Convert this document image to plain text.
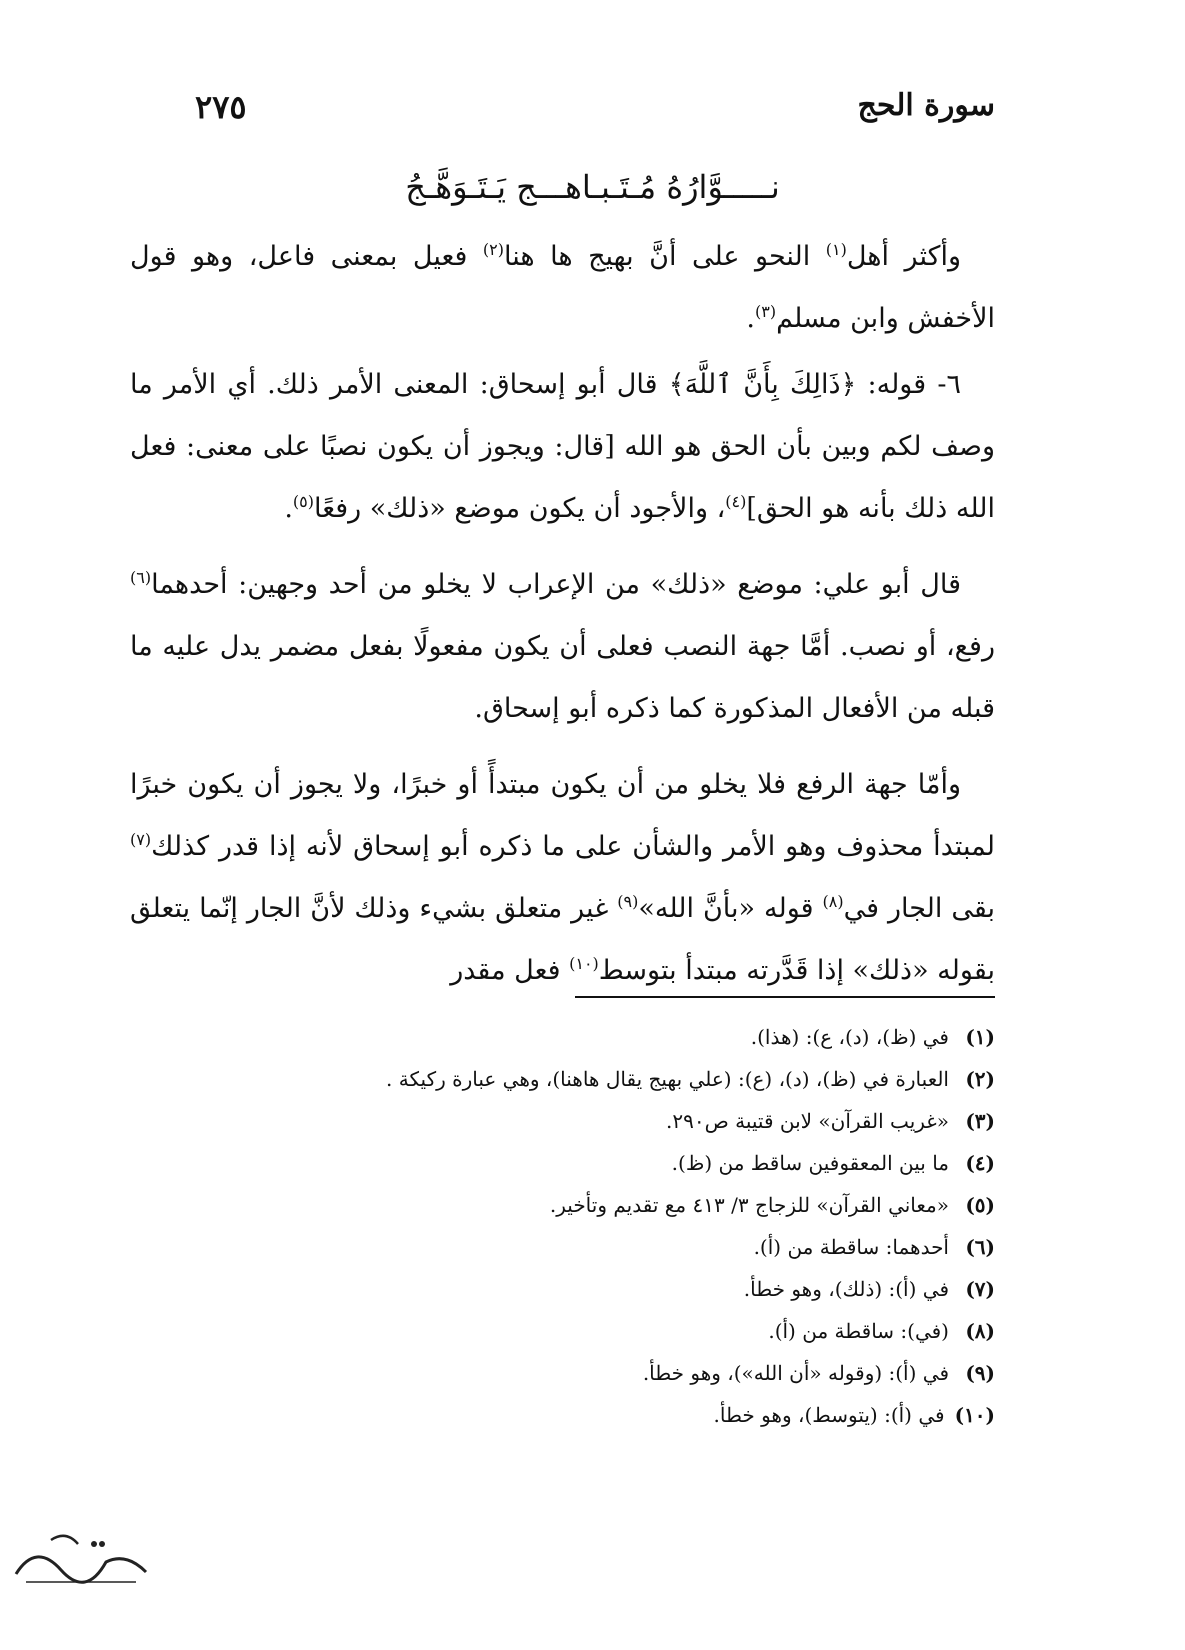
سورة الحج
٢٧٥
نـــــوَّارُهُ مُـتَـبـاهـــج يَـتَـوَهَّـجُ

وأكثر أهل$^{(١)}$ النحو على أنَّ بهيج ها هنا$^{(٢)}$ فعيل بمعنى فاعل، وهو قول الأخفش وابن مسلم$^{(٣)}$.

٦- قوله: ﴿ذَالِكَ بِأَنَّ ٱللَّهَ﴾ قال أبو إسحاق: المعنى الأمر ذلك. أي الأمر ما وصف لكم وبين بأن الحق هو الله [قال: ويجوز أن يكون نصبًا على معنى: فعل الله ذلك بأنه هو الحق]$^{(٤)}$، والأجود أن يكون موضع «ذلك» رفعًا$^{(٥)}$.

قال أبو علي: موضع «ذلك» من الإعراب لا يخلو من أحد وجهين: أحدهما$^{(٦)}$ رفع، أو نصب. أمَّا جهة النصب فعلى أن يكون مفعولًا بفعل مضمر يدل عليه ما قبله من الأفعال المذكورة كما ذكره أبو إسحاق.

وأمّا جهة الرفع فلا يخلو من أن يكون مبتدأً أو خبرًا، ولا يجوز أن يكون خبرًا لمبتدأ محذوف وهو الأمر والشأن على ما ذكره أبو إسحاق لأنه إذا قدر كذلك$^{(٧)}$ بقى الجار في$^{(٨)}$ قوله «بأنَّ الله»$^{(٩)}$ غير متعلق بشيء وذلك لأنَّ الجار إنّما يتعلق بقوله «ذلك» إذا قَدَّرته مبتدأ بتوسط$^{(١٠)}$ فعل مقدر

(١)
في (ظ)، (د)، ع): (هذا).
(٢)
العبارة في (ظ)، (د)، (ع): (علي بهيج يقال هاهنا)، وهي عبارة ركيكة .
(٣)
«غريب القرآن» لابن قتيبة ص٢٩٠.
(٤)
ما بين المعقوفين ساقط من (ظ).
(٥)
«معاني القرآن» للزجاج ٣/ ٤١٣ مع تقديم وتأخير.
(٦)
أحدهما: ساقطة من (أ).
(٧)
في (أ): (ذلك)، وهو خطأ.
(٨)
(في): ساقطة من (أ).
(٩)
في (أ): (وقوله «أن الله»)، وهو خطأ.
(١٠)
في (أ): (يتوسط)، وهو خطأ.
